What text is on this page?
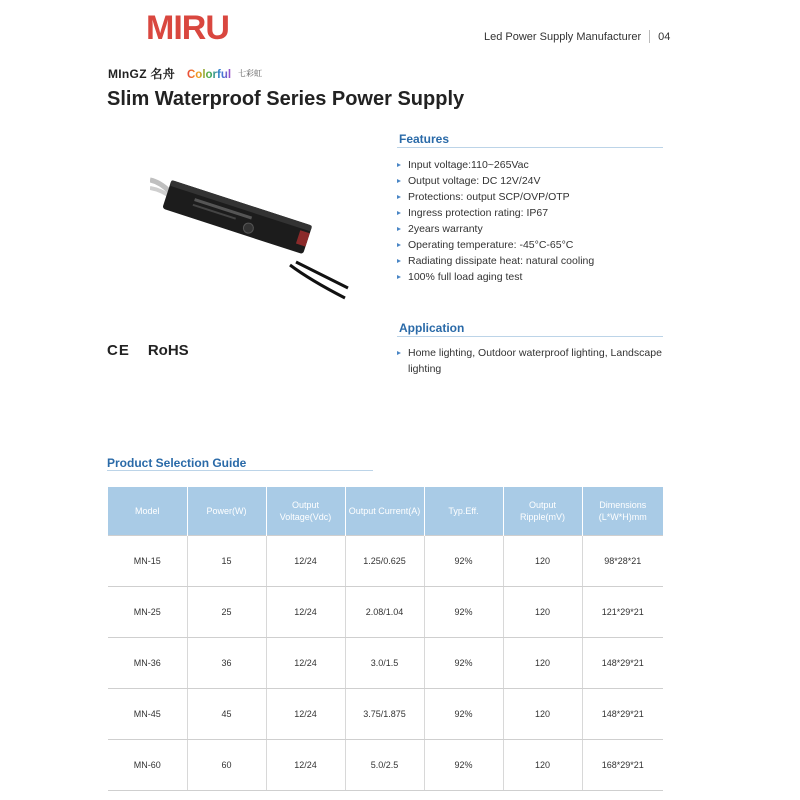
MIRU	Led Power Supply Manufacturer 04
MInGZ 名舟 Colorful 七彩虹
Slim Waterproof Series Power Supply
CE RoHS
Features
Input voltage:110~265Vac
Output voltage: DC 12V/24V
Protections: output SCP/OVP/OTP
Ingress protection rating: IP67
2years warranty
Operating temperature: -45°C-65°C
Radiating dissipate heat: natural cooling
100% full load aging test
Application
Home lighting, Outdoor waterproof lighting, Landscape lighting
Product Selection Guide
Model	Power(W)	Output Voltage(Vdc)	Output Current(A)	Typ.Eff.	Output Ripple(mV)	Dimensions (L*W*H)mm
MN-15	15	12/24	1.25/0.625	92%	120	98*28*21
MN-25	25	12/24	2.08/1.04	92%	120	121*29*21
MN-36	36	12/24	3.0/1.5	92%	120	148*29*21
MN-45	45	12/24	3.75/1.875	92%	120	148*29*21
MN-60	60	12/24	5.0/2.5	92%	120	168*29*21
